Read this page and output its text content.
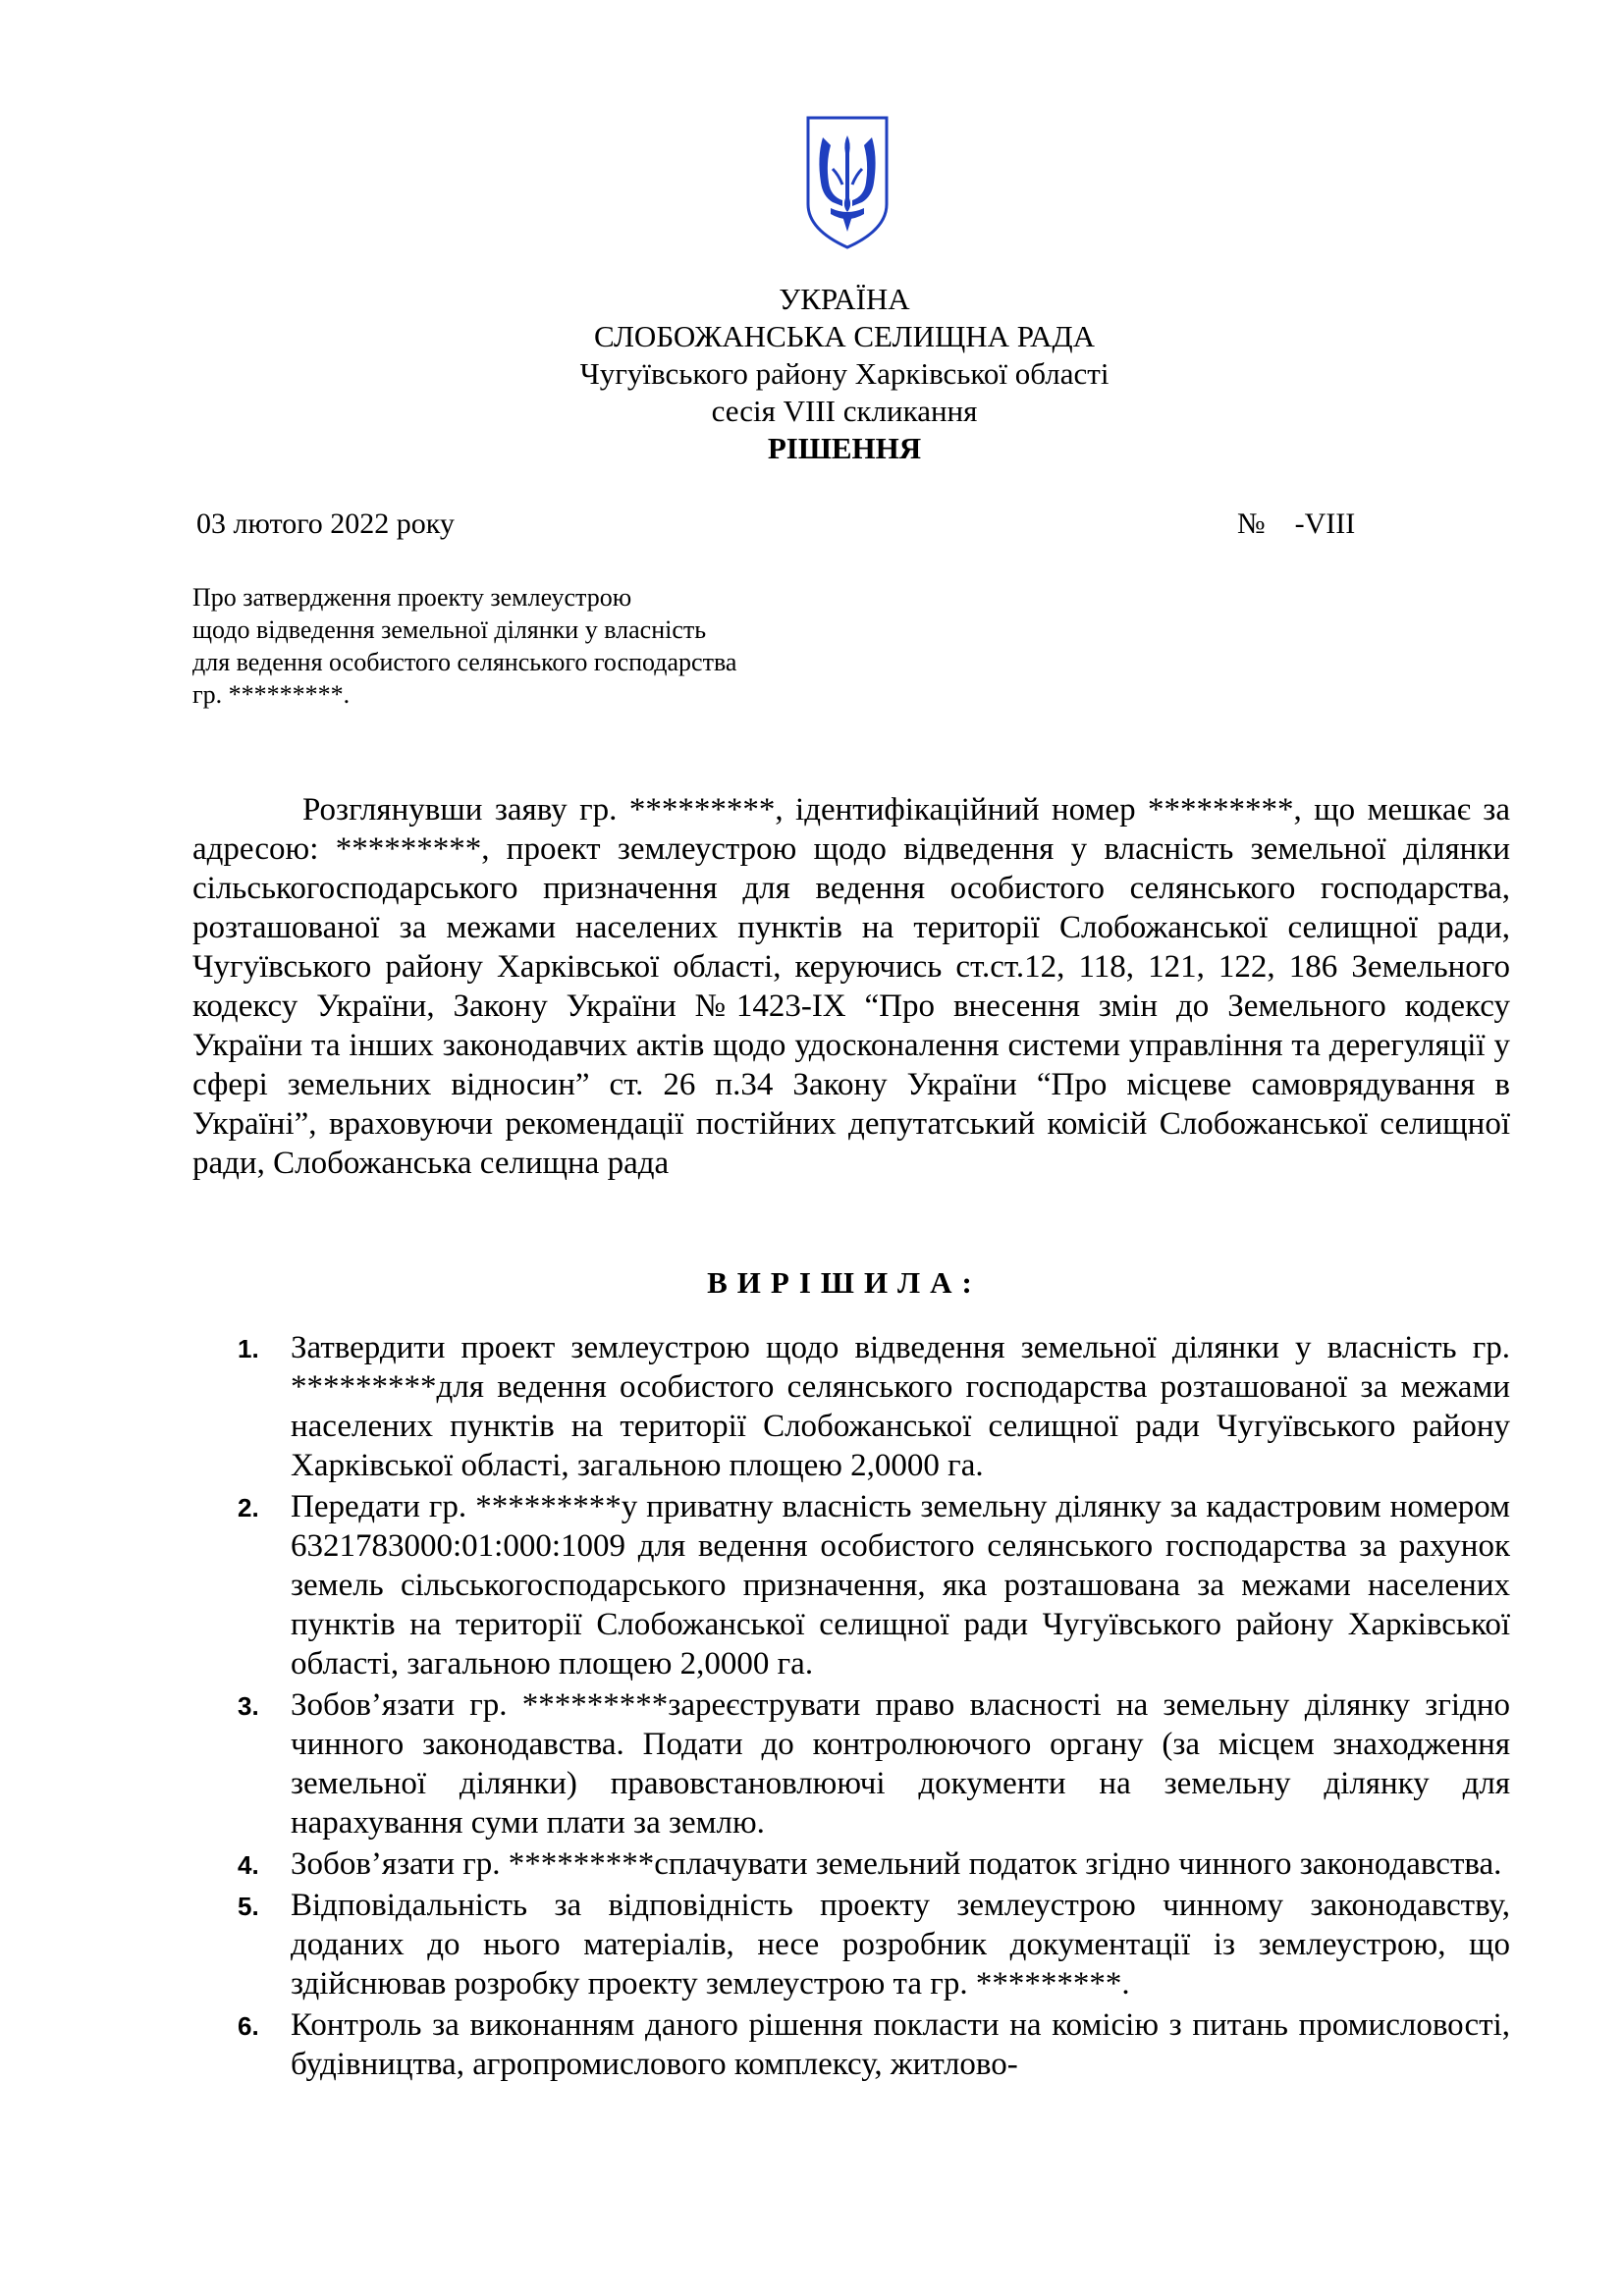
УКРАЇНА
СЛОБОЖАНСЬКА СЕЛИЩНА РАДА
Чугуївського району Харківської області
сесія VIII скликання
РІШЕННЯ
03 лютого 2022 року	№    -VIII
Про затвердження проекту землеустрою
щодо відведення земельної ділянки у власність
для ведення особистого селянського господарства
гр. *********.
Розглянувши заяву гр. *********, ідентифікаційний номер *********, що мешкає за адресою: *********, проект землеустрою щодо відведення у власність земельної ділянки сільськогосподарського призначення для ведення особистого селянського господарства, розташованої за межами населених пунктів на території Слобожанської селищної ради, Чугуївського району Харківської області, керуючись ст.ст.12, 118, 121, 122, 186 Земельного кодексу України, Закону України №1423-IX “Про внесення змін до Земельного кодексу України та інших законодавчих актів щодо удосконалення системи управління та дерегуляції у сфері земельних відносин” ст. 26 п.34 Закону України “Про місцеве самоврядування в Україні”, враховуючи рекомендації постійних депутатський комісій Слобожанської селищної ради, Слобожанська селищна рада
ВИРІШИЛА:
1. Затвердити проект землеустрою щодо відведення земельної ділянки у власність гр. *********для ведення особистого селянського господарства розташованої за межами населених пунктів на території Слобожанської селищної ради Чугуївського району Харківської області, загальною площею 2,0000 га.
2. Передати гр. *********у приватну власність земельну ділянку за кадастровим номером 6321783000:01:000:1009 для ведення особистого селянського господарства за рахунок земель сільськогосподарського призначення, яка розташована за межами населених пунктів на території Слобожанської селищної ради Чугуївського району Харківської області, загальною площею 2,0000 га.
3. Зобов’язати гр. *********зареєструвати право власності на земельну ділянку згідно чинного законодавства. Подати до контролюючого органу (за місцем знаходження земельної ділянки) правовстановлюючі документи на земельну ділянку для нарахування суми плати за землю.
4. Зобов’язати гр. *********сплачувати земельний податок згідно чинного законодавства.
5. Відповідальність за відповідність проекту землеустрою чинному законодавству, доданих до нього матеріалів, несе розробник документації із землеустрою, що здійснював розробку проекту землеустрою та гр. *********.
6. Контроль за виконанням даного рішення покласти на комісію з питань промисловості, будівництва, агропромислового комплексу, житлово-
